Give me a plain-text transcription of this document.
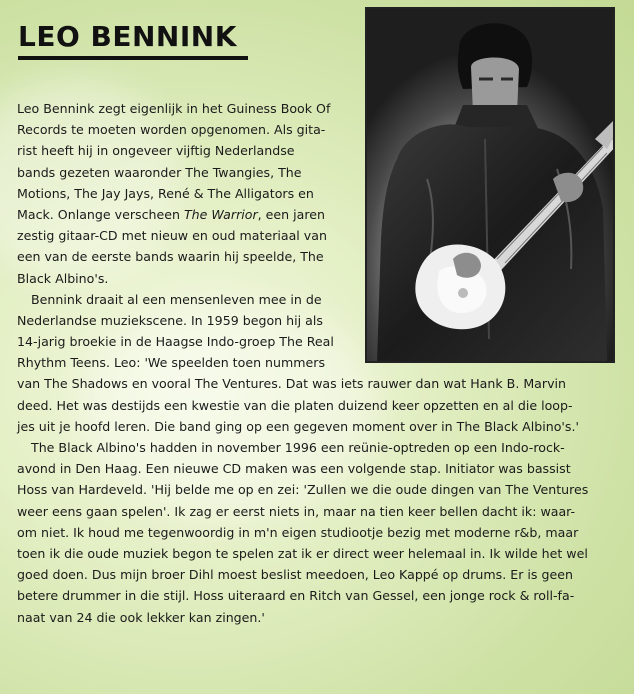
LEO BENNINK
Leo Bennink zegt eigenlijk in het Guiness Book Of
Records te moeten worden opgenomen. Als gita-
rist heeft hij in ongeveer vijftig Nederlandse
bands gezeten waaronder The Twangies, The
Motions, The Jay Jays, René & The Alligators en
Mack. Onlange verscheen The Warrior, een jaren
zestig gitaar-CD met nieuw en oud materiaal van
een van de eerste bands waarin hij speelde, The
Black Albino's.
Bennink draait al een mensenleven mee in de
Nederlandse muziekscene. In 1959 begon hij als
14-jarig broekie in de Haagse Indo-groep The Real
Rhythm Teens. Leo: 'We speelden toen nummers
van The Shadows en vooral The Ventures. Dat was iets rauwer dan wat Hank B. Marvin
deed. Het was destijds een kwestie van die platen duizend keer opzetten en al die loop-
jes uit je hoofd leren. Die band ging op een gegeven moment over in The Black Albino's.'
The Black Albino's hadden in november 1996 een reünie-optreden op een Indo-rock-
avond in Den Haag. Een nieuwe CD maken was een volgende stap. Initiator was bassist
Hoss van Hardeveld. 'Hij belde me op en zei: 'Zullen we die oude dingen van The Ventures
weer eens gaan spelen'. Ik zag er eerst niets in, maar na tien keer bellen dacht ik: waar-
om niet. Ik houd me tegenwoordig in m'n eigen studiootje bezig met moderne r&b, maar
toen ik die oude muziek begon te spelen zat ik er direct weer helemaal in. Ik wilde het wel
goed doen. Dus mijn broer Dihl moest beslist meedoen, Leo Kappé op drums. Er is geen
betere drummer in die stijl. Hoss uiteraard en Ritch van Gessel, een jonge rock & roll-fa-
naat van 24 die ook lekker kan zingen.'
